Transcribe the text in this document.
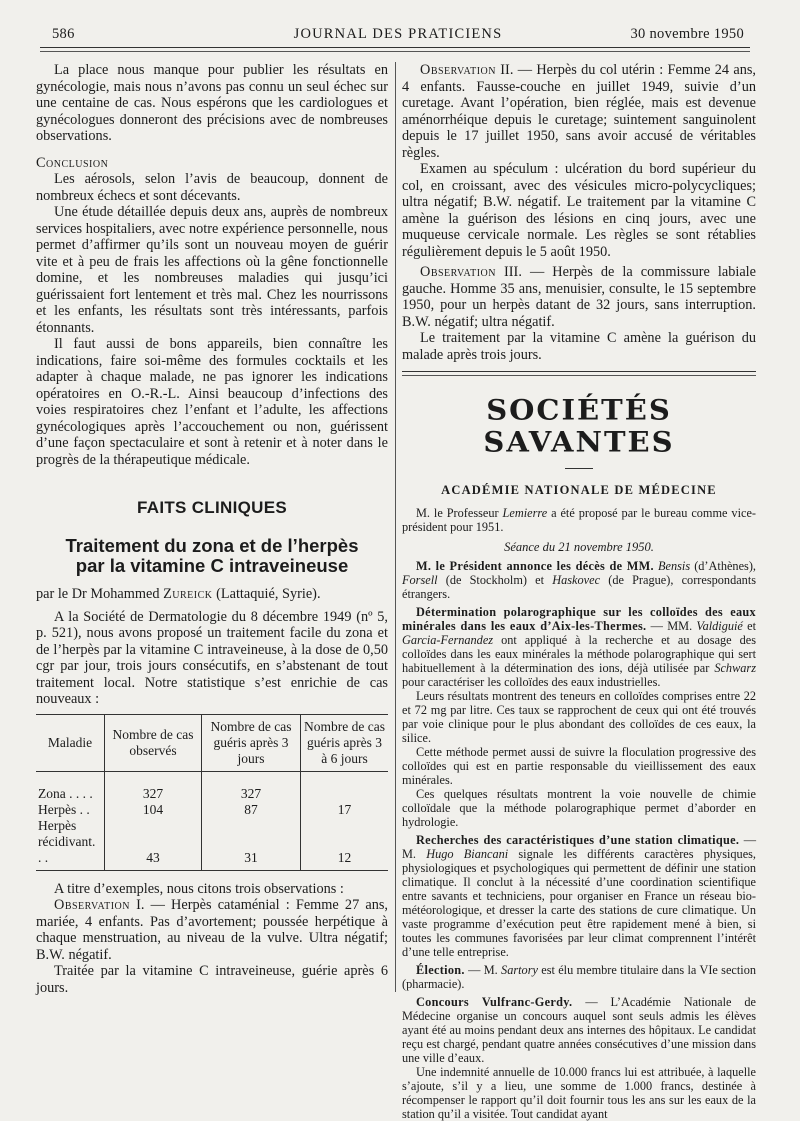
586	JOURNAL DES PRATICIENS	30 novembre 1950

La place nous manque pour publier les résultats en gynécologie, mais nous n’avons pas connu un seul échec sur une centaine de cas. Nous espérons que les cardiologues et gynécologues donneront des précisions avec de nombreuses observations.

Conclusion

Les aérosols, selon l’avis de beaucoup, donnent de nombreux échecs et sont décevants.

Une étude détaillée depuis deux ans, auprès de nombreux services hospitaliers, avec notre expérience personnelle, nous permet d’affirmer qu’ils sont un nouveau moyen de guérir vite et à peu de frais les affections où la gêne fonctionnelle domine, et les nombreuses maladies qui jusqu’ici guérissaient fort lentement et très mal. Chez les nourrissons et les enfants, les résultats sont très intéressants, parfois étonnants.

Il faut aussi de bons appareils, bien connaître les indications, faire soi-même des formules cocktails et les adapter à chaque malade, ne pas ignorer les indications opératoires en O.-R.-L. Ainsi beaucoup d’infections des voies respiratoires chez l’enfant et l’adulte, les affections gynécologiques après l’accouchement ou non, guérissent d’une façon spectaculaire et sont à retenir et à noter dans le progrès de la thérapeutique médicale.

FAITS CLINIQUES
Traitement du zona et de l’herpès
par la vitamine C intraveineuse
par le Dr Mohammed Zureick (Lattaquié, Syrie).

A la Société de Dermatologie du 8 décembre 1949 (nº 5, p. 521), nous avons proposé un traitement facile du zona et de l’herpès par la vitamine C intraveineuse, à la dose de 0,50 cgr par jour, trois jours consécutifs, en s’abstenant de tout traitement local. Notre statistique s’est enrichie de cas nouveaux :

Maladie	Nombre de cas observés	Nombre de cas guéris après 3 jours	Nombre de cas guéris après 3 à 6 jours
Zona . . . .	327	327	
Herpès . .	104	87	17
Herpès récidivant. . .	43	31	12

A titre d’exemples, nous citons trois observations :

Observation I. — Herpès cataménial : Femme 27 ans, mariée, 4 enfants. Pas d’avortement; poussée herpétique à chaque menstruation, au niveau de la vulve. Ultra négatif; B.W. négatif.

Traitée par la vitamine C intraveineuse, guérie après 6 jours.

Observation II. — Herpès du col utérin : Femme 24 ans, 4 enfants. Fausse-couche en juillet 1949, suivie d’un curetage. Avant l’opération, bien réglée, mais est devenue aménorrhéique depuis le curetage; suintement sanguinolent depuis le 17 juillet 1950, sans avoir accusé de véritables règles.

Examen au spéculum : ulcération du bord supérieur du col, en croissant, avec des vésicules micro-polycycliques; ultra négatif; B.W. négatif. Le traitement par la vitamine C amène la guérison des lésions en cinq jours, avec une muqueuse cervicale normale. Les règles se sont rétablies régulièrement depuis le 5 août 1950.

Observation III. — Herpès de la commissure labiale gauche. Homme 35 ans, menuisier, consulte, le 15 septembre 1950, pour un herpès datant de 32 jours, sans interruption. B.W. négatif; ultra négatif.

Le traitement par la vitamine C amène la guérison du malade après trois jours.

SOCIÉTÉS SAVANTES
ACADÉMIE NATIONALE DE MÉDECINE

M. le Professeur Lemierre a été proposé par le bureau comme vice-président pour 1951.

Séance du 21 novembre 1950.

M. le Président annonce les décès de MM. Bensis (d’Athènes), Forsell (de Stockholm) et Haskovec (de Prague), correspondants étrangers.

Détermination polarographique sur les colloïdes des eaux minérales dans les eaux d’Aix-les-Thermes. — MM. Valdiguié et Garcia-Fernandez ont appliqué à la recherche et au dosage des colloïdes dans les eaux minérales la méthode polarographique qui sert habituellement à la détermination des ions, déjà utilisée par Schwarz pour caractériser les colloïdes des eaux industrielles.

Leurs résultats montrent des teneurs en colloïdes comprises entre 22 et 72 mg par litre. Ces taux se rapprochent de ceux qui ont été trouvés par voie clinique pour le plus abondant des colloïdes de ces eaux, la silice.

Cette méthode permet aussi de suivre la floculation progressive des colloïdes qui est en partie responsable du vieillissement des eaux minérales.

Ces quelques résultats montrent la voie nouvelle de chimie colloïdale que la méthode polarographique permet d’aborder en hydrologie.

Recherches des caractéristiques d’une station climatique. — M. Hugo Biancani signale les différents caractères physiques, physiologiques et psychologiques qui permettent de définir une station climatique. Il conclut à la nécessité d’une coordination scientifique entre savants et techniciens, pour organiser en France un réseau bio-météorologique, et dresser la carte des stations de cure climatique. Un vaste programme d’exécution peut être rapidement mené à bien, si toutes les communes favorisées par leur climat comprennent l’intérêt d’une telle entreprise.

Élection. — M. Sartory est élu membre titulaire dans la VIe section (pharmacie).

Concours Vulfranc-Gerdy. — L’Académie Nationale de Médecine organise un concours auquel sont seuls admis les élèves ayant été au moins pendant deux ans internes des hôpitaux. Le candidat reçu est chargé, pendant quatre années consécutives d’une mission dans une ville d’eaux.

Une indemnité annuelle de 10.000 francs lui est attribuée, à laquelle s’ajoute, s’il y a lieu, une somme de 1.000 francs, destinée à récompenser le rapport qu’il doit fournir tous les ans sur les eaux de la station qu’il a visitée. Tout candidat ayant
